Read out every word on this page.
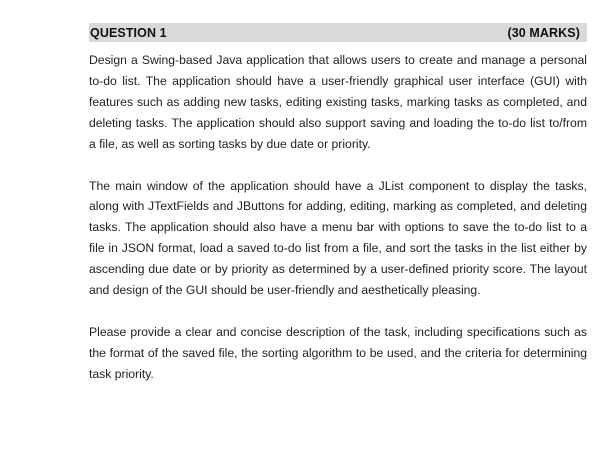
QUESTION 1	(30 MARKS)

Design a Swing-based Java application that allows users to create and manage a personal to-do list. The application should have a user-friendly graphical user interface (GUI) with features such as adding new tasks, editing existing tasks, marking tasks as completed, and deleting tasks. The application should also support saving and loading the to-do list to/from a file, as well as sorting tasks by due date or priority.

The main window of the application should have a JList component to display the tasks, along with JTextFields and JButtons for adding, editing, marking as completed, and deleting tasks. The application should also have a menu bar with options to save the to-do list to a file in JSON format, load a saved to-do list from a file, and sort the tasks in the list either by ascending due date or by priority as determined by a user-defined priority score. The layout and design of the GUI should be user-friendly and aesthetically pleasing.

Please provide a clear and concise description of the task, including specifications such as the format of the saved file, the sorting algorithm to be used, and the criteria for determining task priority.
